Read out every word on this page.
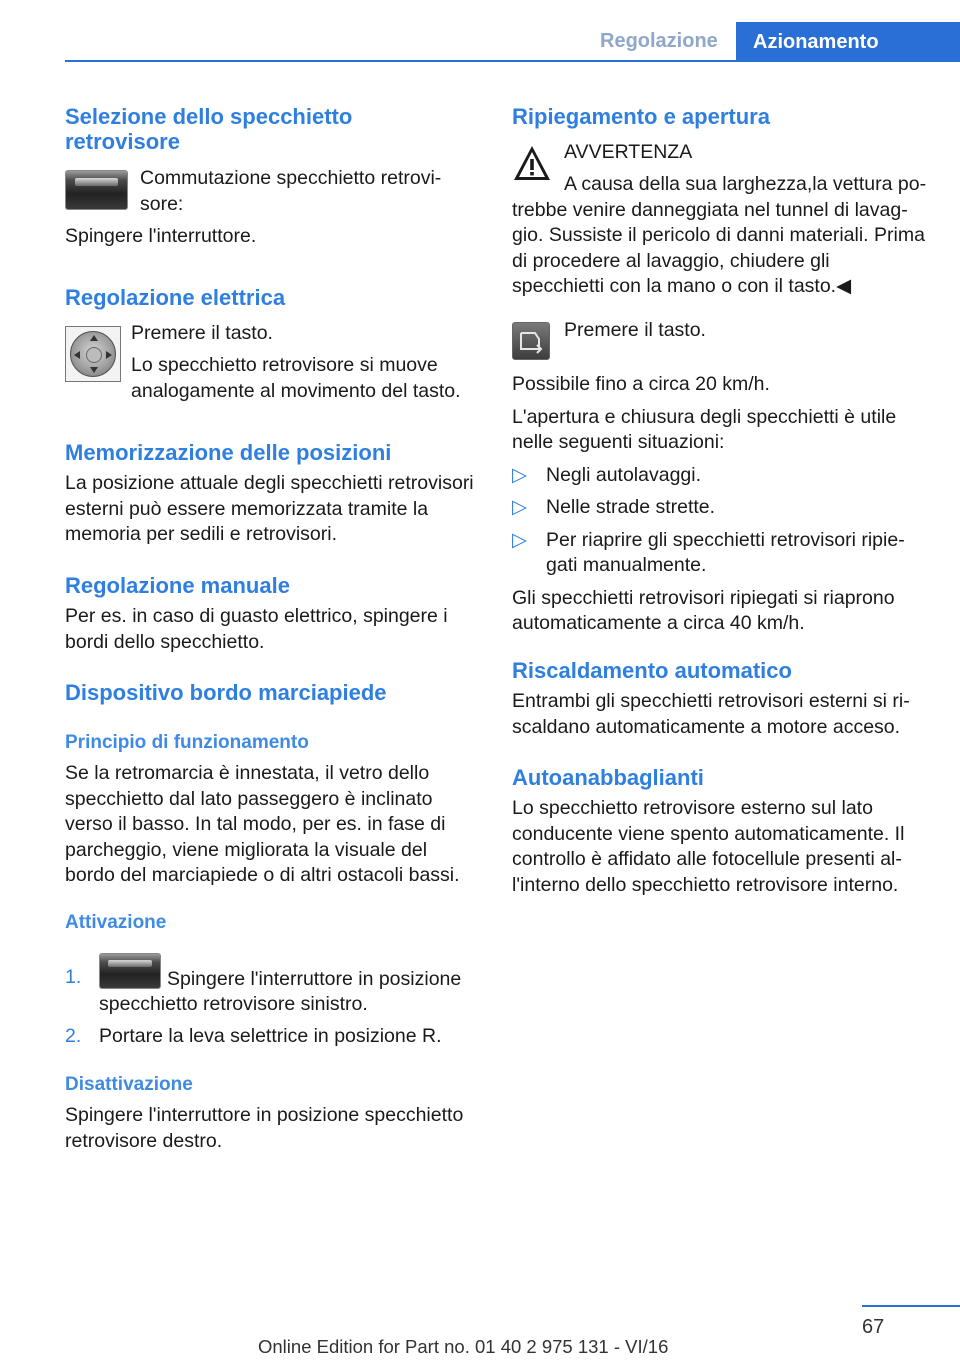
Regolazione	Azionamento
Selezione dello specchietto retrovisore

Commutazione specchietto retrovisore:

Spingere l'interruttore.

Regolazione elettrica

Premere il tasto.

Lo specchietto retrovisore si muove analogamente al movimento del tasto.

Memorizzazione delle posizioni

La posizione attuale degli specchietti retrovisori esterni può essere memorizzata tramite la memoria per sedili e retrovisori.

Regolazione manuale

Per es. in caso di guasto elettrico, spingere i bordi dello specchietto.

Dispositivo bordo marciapiede
Principio di funzionamento

Se la retromarcia è innestata, il vetro dello specchietto dal lato passeggero è inclinato verso il basso. In tal modo, per es. in fase di parcheggio, viene migliorata la visuale del bordo del marciapiede o di altri ostacoli bassi.

Attivazione
1.	Spingere l'interruttore in posizione specchietto retrovisore sinistro.
2. Portare la leva selettrice in posizione R.
Disattivazione

Spingere l'interruttore in posizione specchietto retrovisore destro.

Ripiegamento e apertura

AVVERTENZA

A causa della sua larghezza,la vettura potrebbe venire danneggiata nel tunnel di lavaggio. Sussiste il pericolo di danni materiali. Prima di procedere al lavaggio, chiudere gli specchietti con la mano o con il tasto.◀

Premere il tasto.

Possibile fino a circa 20 km/h.

L'apertura e chiusura degli specchietti è utile nelle seguenti situazioni:

▷ Negli autolavaggi.
▷ Nelle strade strette.
▷ Per riaprire gli specchietti retrovisori ripiegati manualmente.

Gli specchietti retrovisori ripiegati si riaprono automaticamente a circa 40 km/h.

Riscaldamento automatico

Entrambi gli specchietti retrovisori esterni si riscaldano automaticamente a motore acceso.

Autoanabbaglianti

Lo specchietto retrovisore esterno sul lato conducente viene spento automaticamente. Il controllo è affidato alle fotocellule presenti all'interno dello specchietto retrovisore interno.

67
Online Edition for Part no. 01 40 2 975 131 - VI/16
